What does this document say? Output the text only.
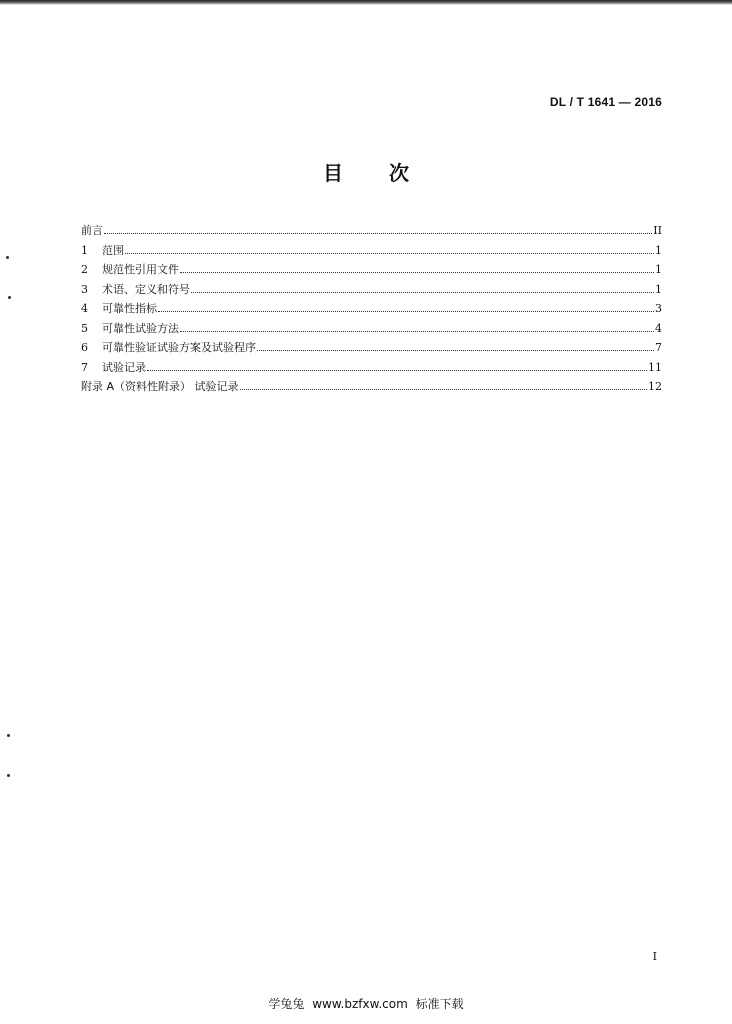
DL / T 1641 — 2016
目 次
前言	II
1	范围	1
2	规范性引用文件	1
3	术语、定义和符号	1
4	可靠性指标	3
5	可靠性试验方法	4
6	可靠性验证试验方案及试验程序	7
7	试验记录	11
附录 A（资料性附录） 试验记录	12
I
学兔兔 www.bzfxw.com 标准下载
